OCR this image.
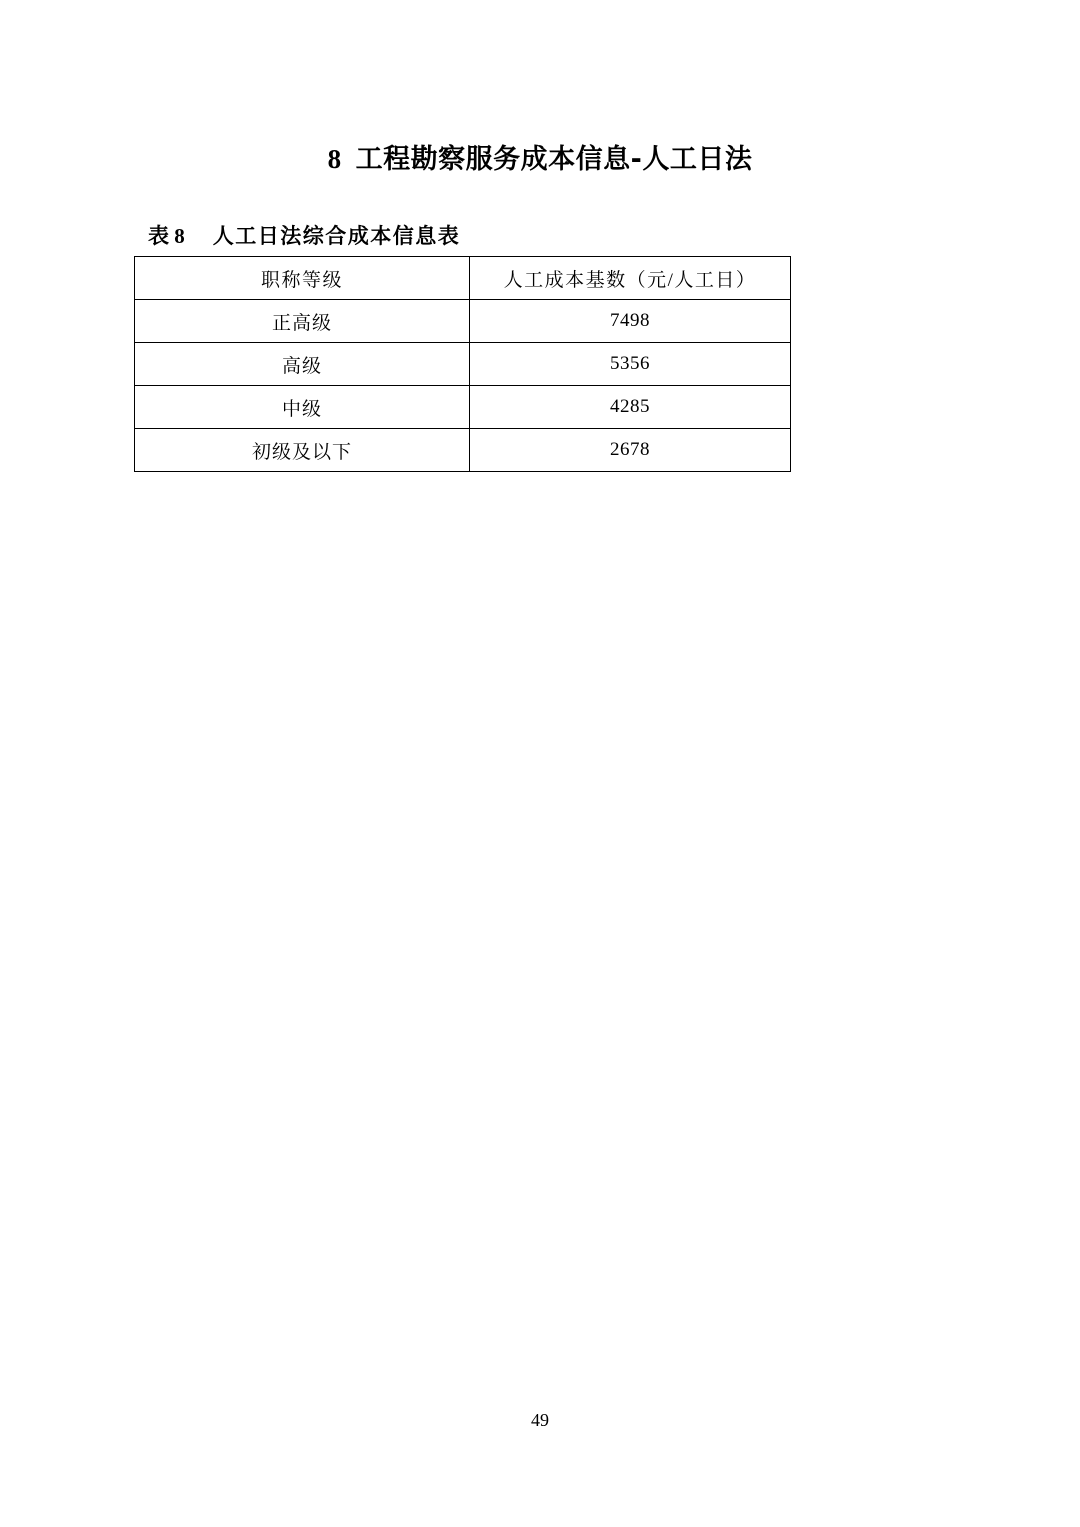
8 工程勘察服务成本信息-人工日法
表 8 人工日法综合成本信息表
职称等级	人工成本基数（元/人工日）
正高级	7498
高级	5356
中级	4285
初级及以下	2678
49
